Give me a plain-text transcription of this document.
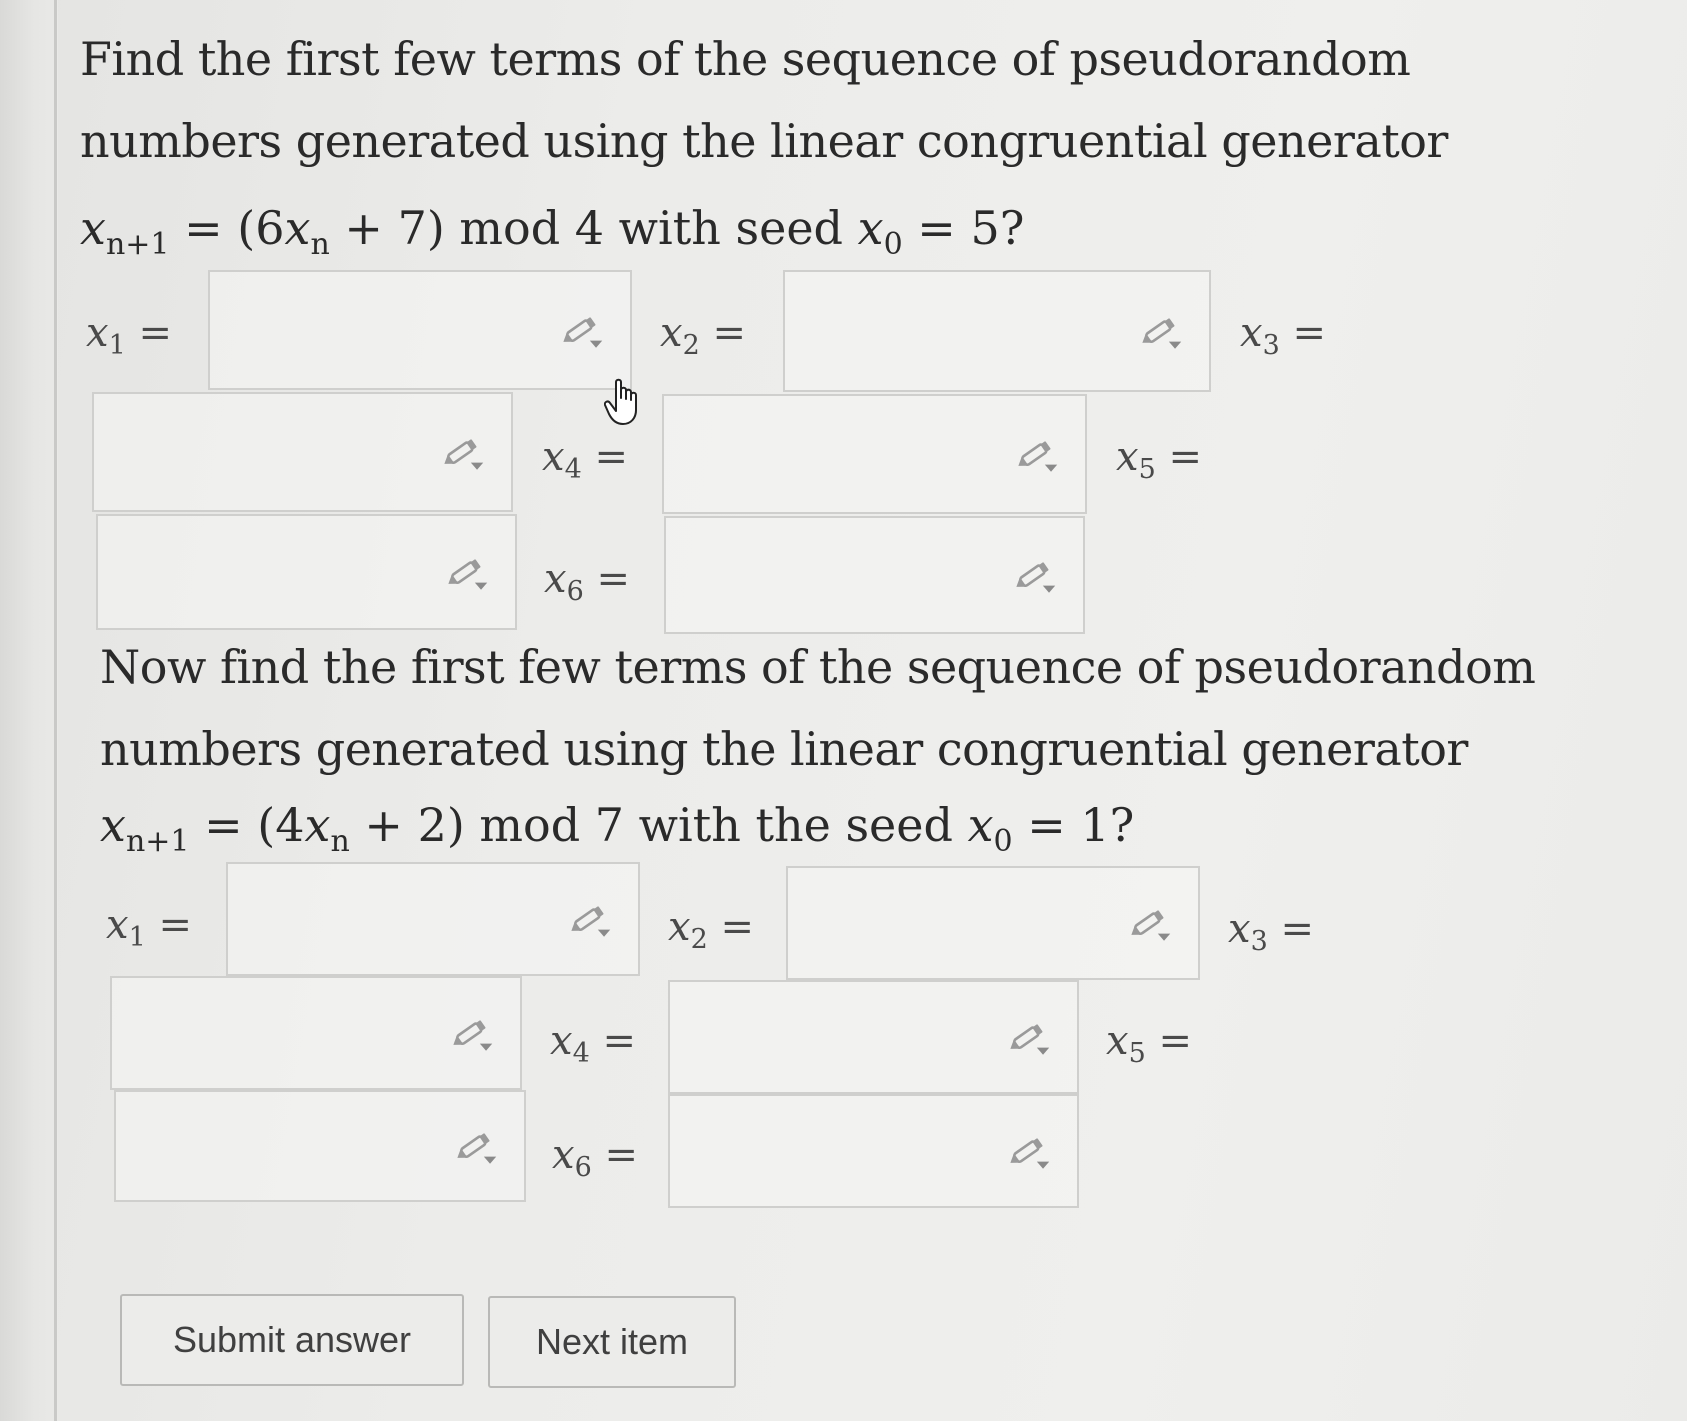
Find the first few terms of the sequence of pseudorandom numbers generated using the linear congruential generator

$x_{n+1} = (6x_n + 7)$ mod 4 with seed $x_0 = 5$?

$x_1$ =	$x_2$ =	$x_3$ =
$x_4$ =	$x_5$ =
$x_6$ =

Now find the first few terms of the sequence of pseudorandom numbers generated using the linear congruential generator

$x_{n+1} = (4x_n + 2)$ mod 7 with the seed $x_0 = 1$?

$x_1$ =	$x_2$ =	$x_3$ =
$x_4$ =	$x_5$ =
$x_6$ =
Submit answer	Next item
